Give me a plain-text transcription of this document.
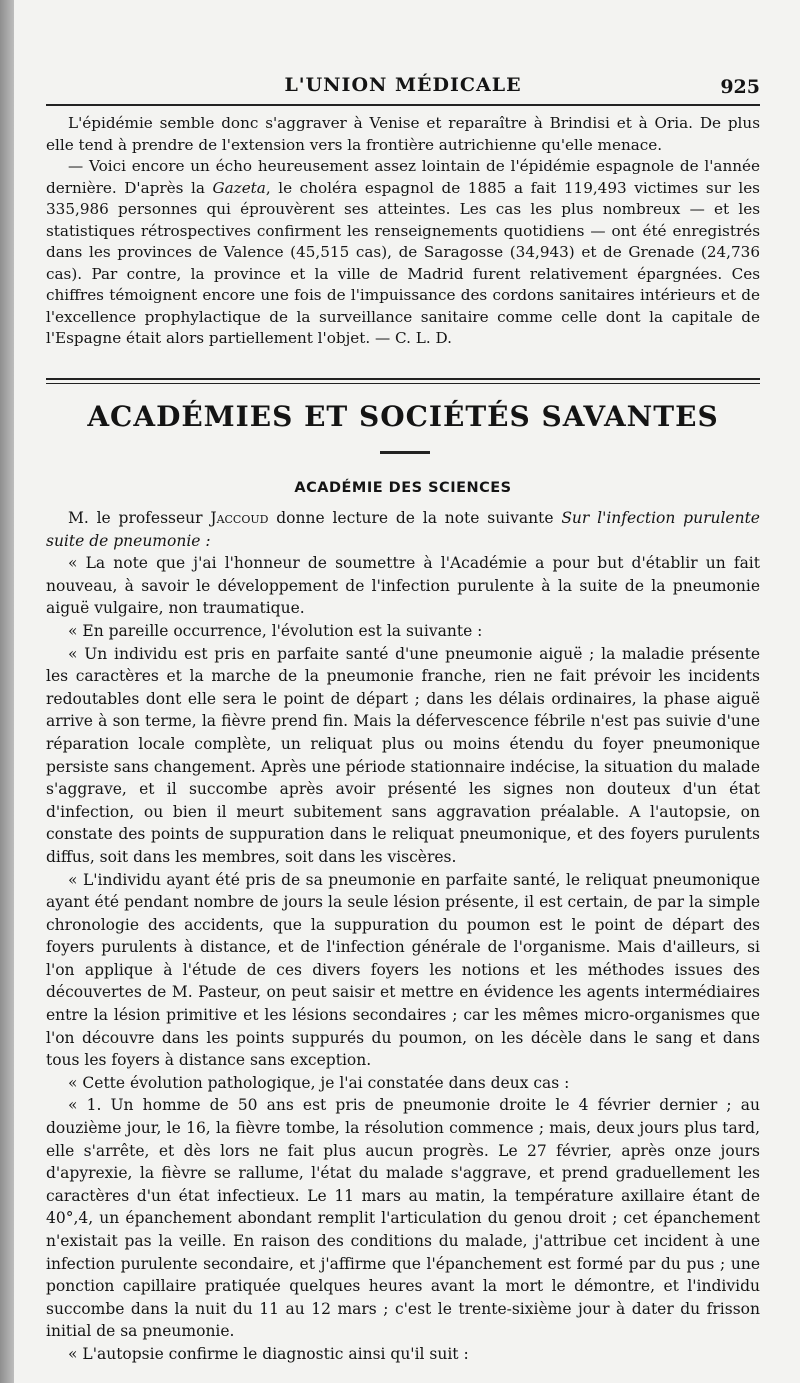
L'UNION MÉDICALE	925

L'épidémie semble donc s'aggraver à Venise et reparaître à Brindisi et à Oria. De plus elle tend à prendre de l'extension vers la frontière autrichienne qu'elle menace.

— Voici encore un écho heureusement assez lointain de l'épidémie espagnole de l'année dernière. D'après la Gazeta, le choléra espagnol de 1885 a fait 119,493 victimes sur les 335,986 personnes qui éprouvèrent ses atteintes. Les cas les plus nombreux — et les statistiques rétrospectives confirment les renseignements quotidiens — ont été enregistrés dans les provinces de Valence (45,515 cas), de Saragosse (34,943) et de Grenade (24,736 cas). Par contre, la province et la ville de Madrid furent relativement épargnées. Ces chiffres témoignent encore une fois de l'impuissance des cordons sanitaires intérieurs et de l'excellence prophylactique de la surveillance sanitaire comme celle dont la capitale de l'Espagne était alors partiellement l'objet. — C. L. D.

ACADÉMIES ET SOCIÉTÉS SAVANTES
ACADÉMIE DES SCIENCES

M. le professeur Jaccoud donne lecture de la note suivante Sur l'infection purulente suite de pneumonie :

« La note que j'ai l'honneur de soumettre à l'Académie a pour but d'établir un fait nouveau, à savoir le développement de l'infection purulente à la suite de la pneumonie aiguë vulgaire, non traumatique.

« En pareille occurrence, l'évolution est la suivante :

« Un individu est pris en parfaite santé d'une pneumonie aiguë ; la maladie présente les caractères et la marche de la pneumonie franche, rien ne fait prévoir les incidents redoutables dont elle sera le point de départ ; dans les délais ordinaires, la phase aiguë arrive à son terme, la fièvre prend fin. Mais la défervescence fébrile n'est pas suivie d'une réparation locale complète, un reliquat plus ou moins étendu du foyer pneumonique persiste sans changement. Après une période stationnaire indécise, la situation du malade s'aggrave, et il succombe après avoir présenté les signes non douteux d'un état d'infection, ou bien il meurt subitement sans aggravation préalable. A l'autopsie, on constate des points de suppuration dans le reliquat pneumonique, et des foyers purulents diffus, soit dans les membres, soit dans les viscères.

« L'individu ayant été pris de sa pneumonie en parfaite santé, le reliquat pneumonique ayant été pendant nombre de jours la seule lésion présente, il est certain, de par la simple chronologie des accidents, que la suppuration du poumon est le point de départ des foyers purulents à distance, et de l'infection générale de l'organisme. Mais d'ailleurs, si l'on applique à l'étude de ces divers foyers les notions et les méthodes issues des découvertes de M. Pasteur, on peut saisir et mettre en évidence les agents intermédiaires entre la lésion primitive et les lésions secondaires ; car les mêmes micro-organismes que l'on découvre dans les points suppurés du poumon, on les décèle dans le sang et dans tous les foyers à distance sans exception.

« Cette évolution pathologique, je l'ai constatée dans deux cas :

« 1. Un homme de 50 ans est pris de pneumonie droite le 4 février dernier ; au douzième jour, le 16, la fièvre tombe, la résolution commence ; mais, deux jours plus tard, elle s'arrête, et dès lors ne fait plus aucun progrès. Le 27 février, après onze jours d'apyrexie, la fièvre se rallume, l'état du malade s'aggrave, et prend graduellement les caractères d'un état infectieux. Le 11 mars au matin, la température axillaire étant de 40°,4, un épanchement abondant remplit l'articulation du genou droit ; cet épanchement n'existait pas la veille. En raison des conditions du malade, j'attribue cet incident à une infection purulente secondaire, et j'affirme que l'épanchement est formé par du pus ; une ponction capillaire pratiquée quelques heures avant la mort le démontre, et l'individu succombe dans la nuit du 11 au 12 mars ; c'est le trente-sixième jour à dater du frisson initial de sa pneumonie.

« L'autopsie confirme le diagnostic ainsi qu'il suit :
